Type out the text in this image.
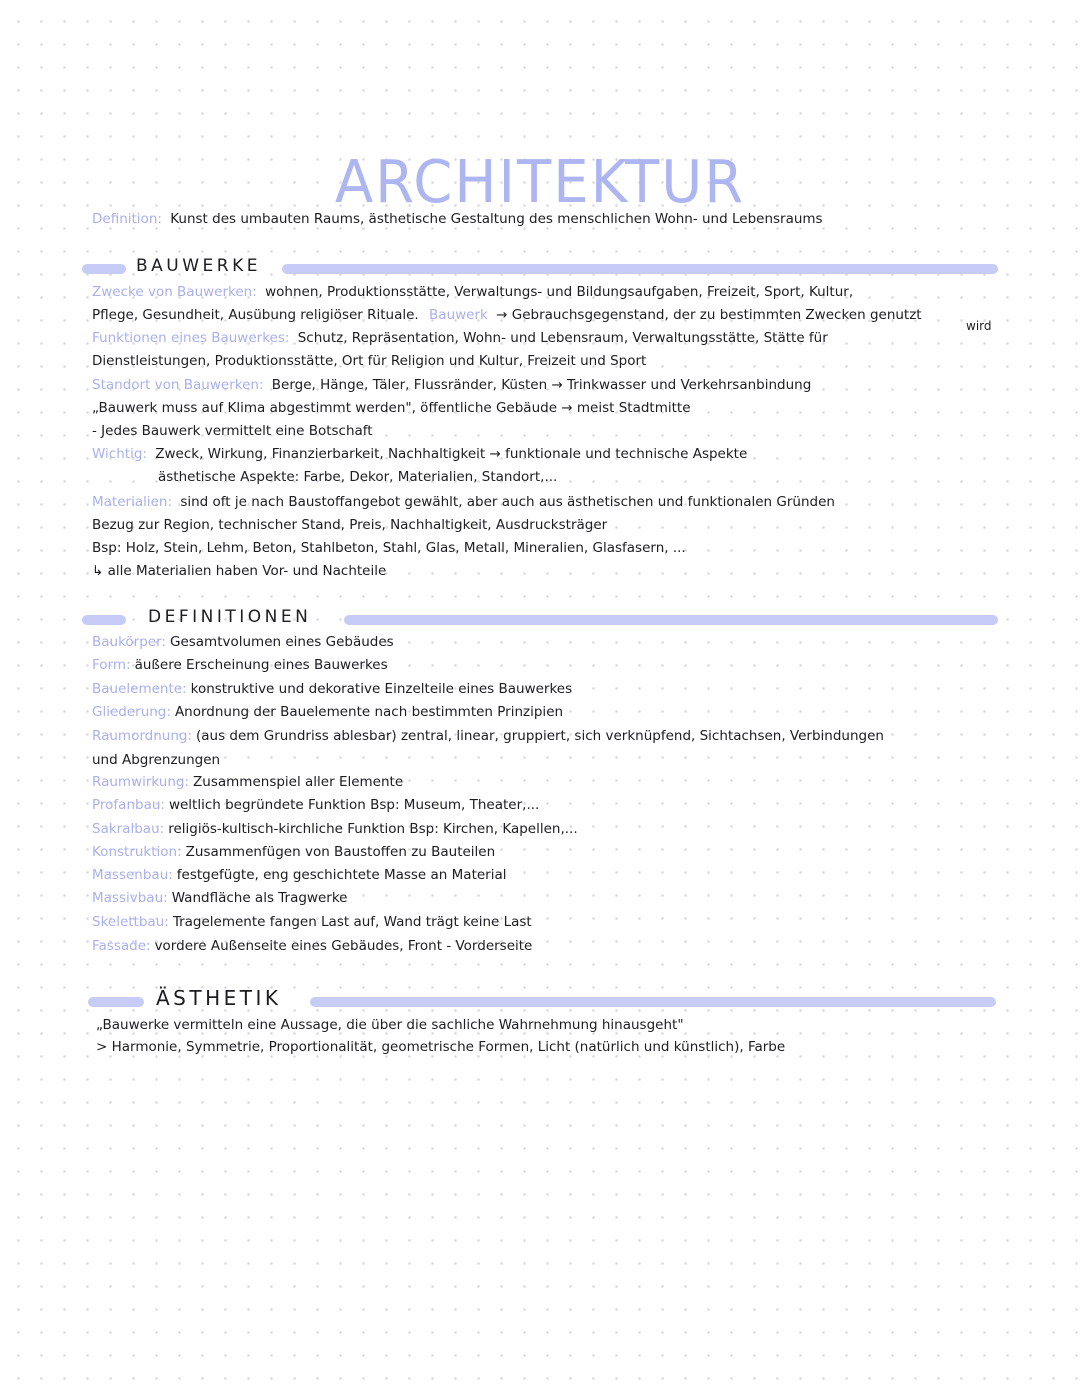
ARCHITEKTUR
Definition: Kunst des umbauten Raums, ästhetische Gestaltung des menschlichen Wohn- und Lebensraums
BAUWERKE
Zwecke von Bauwerken: wohnen, Produktionsstätte, Verwaltungs- und Bildungsaufgaben, Freizeit, Sport, Kultur,
Pflege, Gesundheit, Ausübung religiöser Rituale. Bauwerk → Gebrauchsgegenstand, der zu bestimmten Zwecken genutzt
wird
Funktionen eines Bauwerkes: Schutz, Repräsentation, Wohn- und Lebensraum, Verwaltungsstätte, Stätte für
Dienstleistungen, Produktionsstätte, Ort für Religion und Kultur, Freizeit und Sport
Standort von Bauwerken: Berge, Hänge, Täler, Flussränder, Küsten → Trinkwasser und Verkehrsanbindung
„Bauwerk muss auf Klima abgestimmt werden", öffentliche Gebäude → meist Stadtmitte
- Jedes Bauwerk vermittelt eine Botschaft
Wichtig: Zweck, Wirkung, Finanzierbarkeit, Nachhaltigkeit → funktionale und technische Aspekte
ästhetische Aspekte: Farbe, Dekor, Materialien, Standort,...
Materialien: sind oft je nach Baustoffangebot gewählt, aber auch aus ästhetischen und funktionalen Gründen
Bezug zur Region, technischer Stand, Preis, Nachhaltigkeit, Ausdrucksträger
Bsp: Holz, Stein, Lehm, Beton, Stahlbeton, Stahl, Glas, Metall, Mineralien, Glasfasern, ...
↳ alle Materialien haben Vor- und Nachteile
DEFINITIONEN
Baukörper: Gesamtvolumen eines Gebäudes
Form: äußere Erscheinung eines Bauwerkes
Bauelemente: konstruktive und dekorative Einzelteile eines Bauwerkes
Gliederung: Anordnung der Bauelemente nach bestimmten Prinzipien
Raumordnung: (aus dem Grundriss ablesbar) zentral, linear, gruppiert, sich verknüpfend, Sichtachsen, Verbindungen
und Abgrenzungen
Raumwirkung: Zusammenspiel aller Elemente
Profanbau: weltlich begründete Funktion Bsp: Museum, Theater,...
Sakralbau: religiös-kultisch-kirchliche Funktion Bsp: Kirchen, Kapellen,...
Konstruktion: Zusammenfügen von Baustoffen zu Bauteilen
Massenbau: festgefügte, eng geschichtete Masse an Material
Massivbau: Wandfläche als Tragwerke
Skelettbau: Tragelemente fangen Last auf, Wand trägt keine Last
Fassade: vordere Außenseite eines Gebäudes, Front - Vorderseite
ÄSTHETIK
„Bauwerke vermitteln eine Aussage, die über die sachliche Wahrnehmung hinausgeht"
> Harmonie, Symmetrie, Proportionalität, geometrische Formen, Licht (natürlich und künstlich), Farbe
